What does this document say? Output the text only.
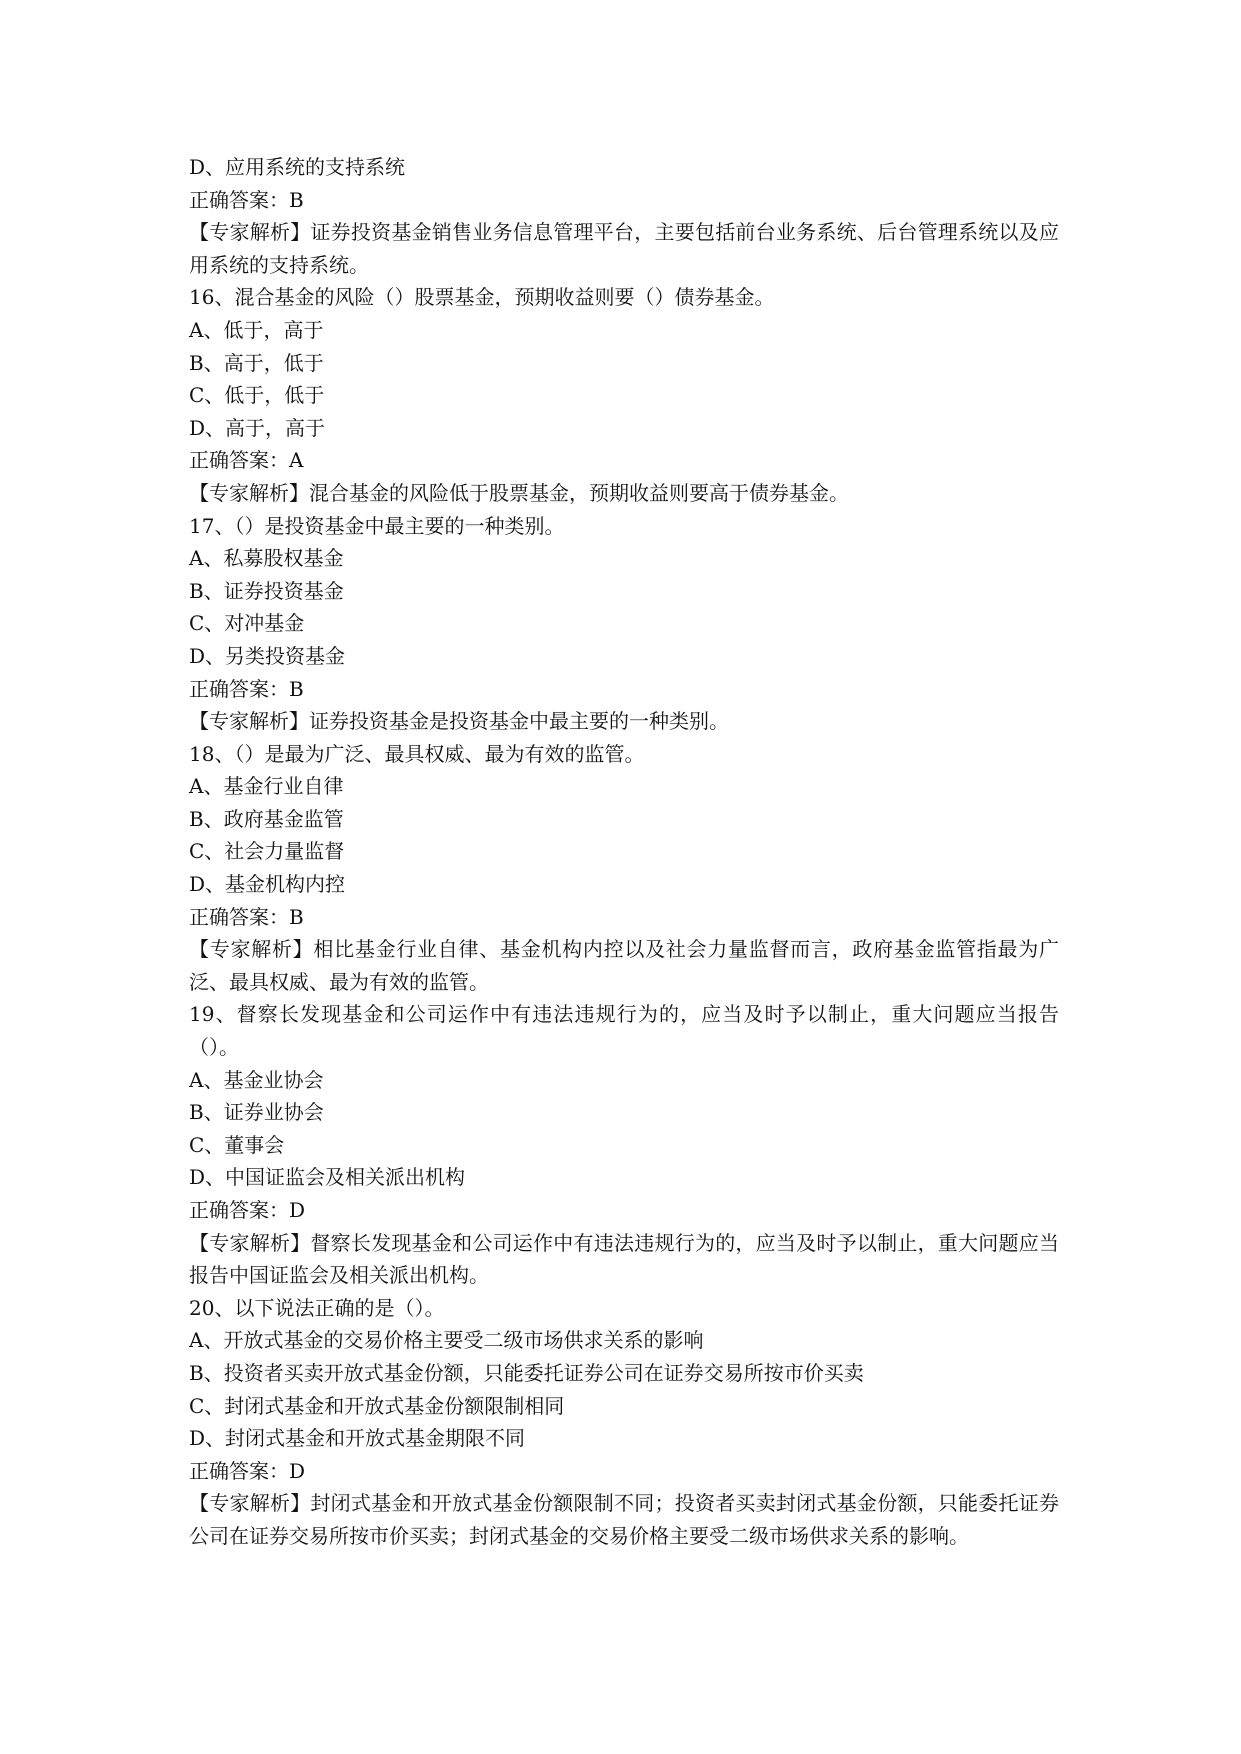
D、应用系统的支持系统

正确答案：B

【专家解析】证券投资基金销售业务信息管理平台，主要包括前台业务系统、后台管理系统以及应用系统的支持系统。

16、混合基金的风险（）股票基金，预期收益则要（）债券基金。

A、低于，高于

B、高于，低于

C、低于，低于

D、高于，高于

正确答案：A

【专家解析】混合基金的风险低于股票基金，预期收益则要高于债券基金。

17、（）是投资基金中最主要的一种类别。

A、私募股权基金

B、证券投资基金

C、对冲基金

D、另类投资基金

正确答案：B

【专家解析】证券投资基金是投资基金中最主要的一种类别。

18、（）是最为广泛、最具权威、最为有效的监管。

A、基金行业自律

B、政府基金监管

C、社会力量监督

D、基金机构内控

正确答案：B

【专家解析】相比基金行业自律、基金机构内控以及社会力量监督而言，政府基金监管指最为广泛、最具权威、最为有效的监管。

19、督察长发现基金和公司运作中有违法违规行为的，应当及时予以制止，重大问题应当报告（）。

A、基金业协会

B、证券业协会

C、董事会

D、中国证监会及相关派出机构

正确答案：D

【专家解析】督察长发现基金和公司运作中有违法违规行为的，应当及时予以制止，重大问题应当报告中国证监会及相关派出机构。

20、以下说法正确的是（）。

A、开放式基金的交易价格主要受二级市场供求关系的影响

B、投资者买卖开放式基金份额，只能委托证券公司在证券交易所按市价买卖

C、封闭式基金和开放式基金份额限制相同

D、封闭式基金和开放式基金期限不同

正确答案：D

【专家解析】封闭式基金和开放式基金份额限制不同；投资者买卖封闭式基金份额，只能委托证券公司在证券交易所按市价买卖；封闭式基金的交易价格主要受二级市场供求关系的影响。
